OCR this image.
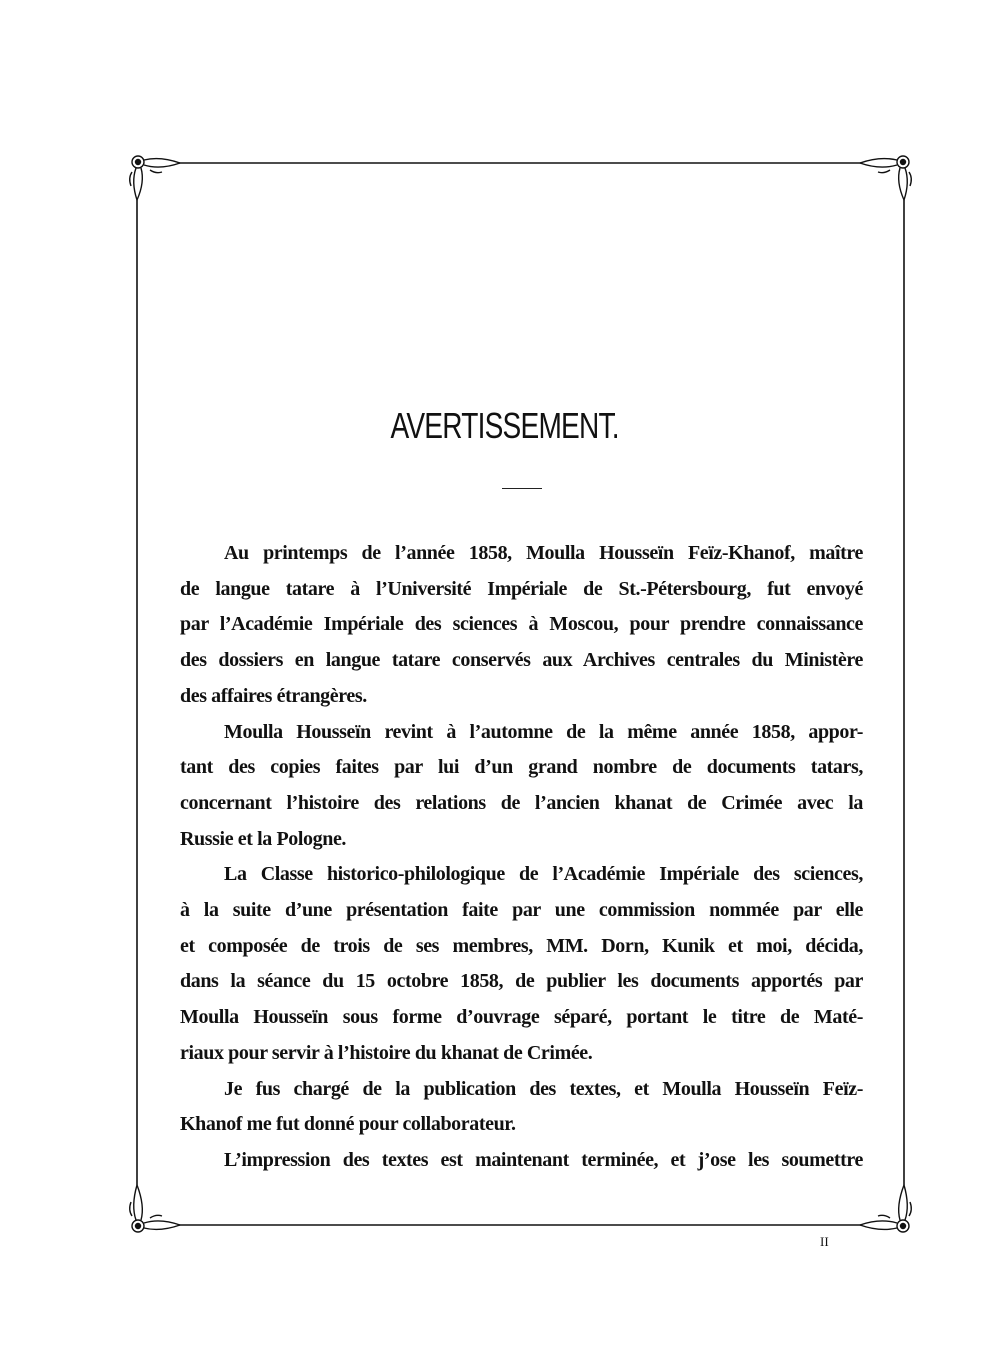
AVERTISSEMENT.
Au printemps de l’année 1858, Moulla Housseïn Feïz-Khanof, maître
de langue tatare à l’Université Impériale de St.-Pétersbourg, fut envoyé
par l’Académie Impériale des sciences à Moscou, pour prendre connaissance
des dossiers en langue tatare conservés aux Archives centrales du Ministère
des affaires étrangères.
Moulla Housseïn revint à l’automne de la même année 1858, appor-
tant des copies faites par lui d’un grand nombre de documents tatars,
concernant l’histoire des relations de l’ancien khanat de Crimée avec la
Russie et la Pologne.
La Classe historico-philologique de l’Académie Impériale des sciences,
à la suite d’une présentation faite par une commission nommée par elle
et composée de trois de ses membres, MM. Dorn, Kunik et moi, décida,
dans la séance du 15 octobre 1858, de publier les documents apportés par
Moulla Housseïn sous forme d’ouvrage séparé, portant le titre de Maté-
riaux pour servir à l’histoire du khanat de Crimée.
Je fus chargé de la publication des textes, et Moulla Housseïn Feïz-
Khanof me fut donné pour collaborateur.
L’impression des textes est maintenant terminée, et j’ose les soumettre
II
